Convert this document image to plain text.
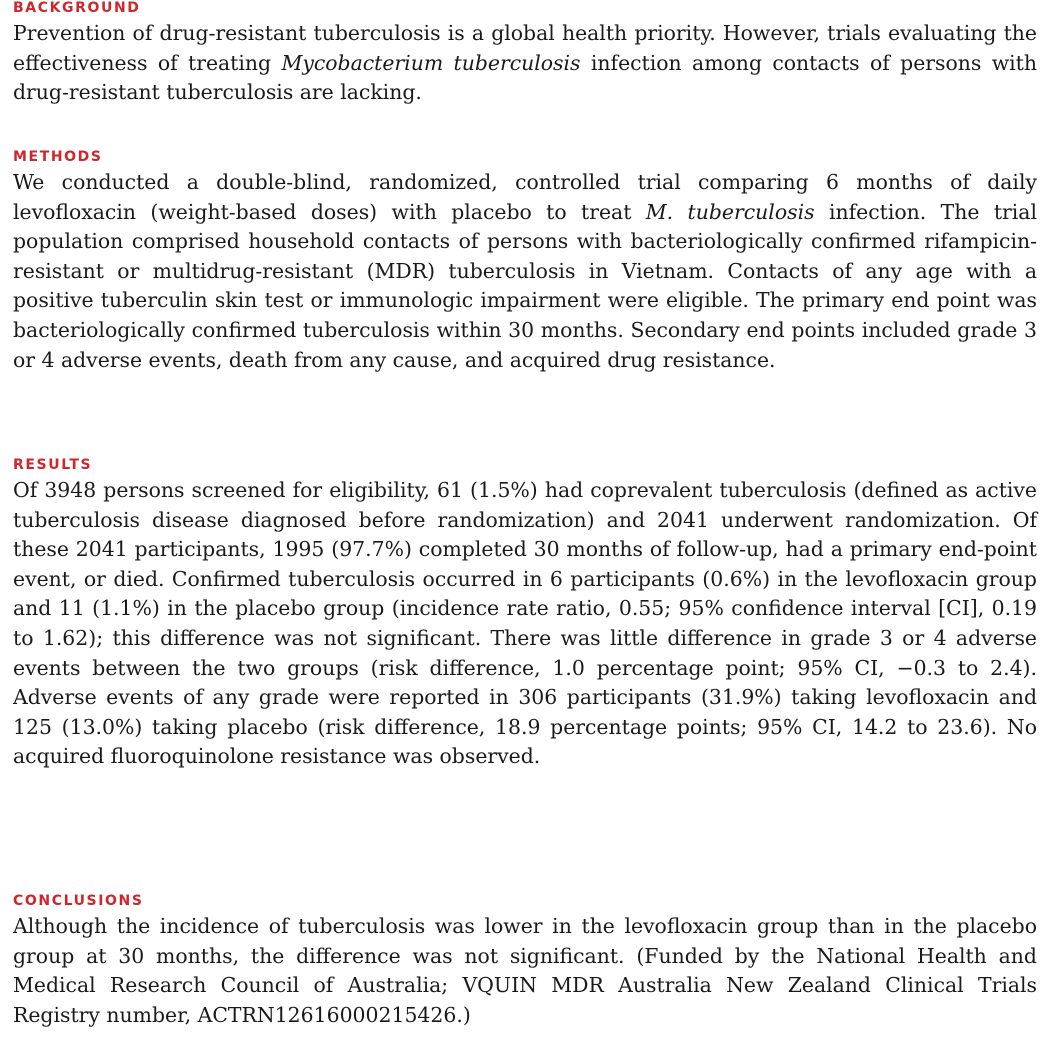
BACKGROUND

Prevention of drug-resistant tuberculosis is a global health priority. However, trials evaluating the effectiveness of treating Mycobacterium tuberculosis infection among contacts of persons with drug-resistant tuberculosis are lacking.

METHODS

We conducted a double-blind, randomized, controlled trial comparing 6 months of daily levofloxacin (weight-based doses) with placebo to treat M. tuberculosis infection. The trial population comprised household contacts of persons with bacteriologically confirmed rifampicin-resistant or multidrug-resistant (MDR) tuberculosis in Vietnam. Contacts of any age with a positive tuberculin skin test or immunologic impairment were eligible. The primary end point was bacteriologically confirmed tuberculosis within 30 months. Secondary end points included grade 3 or 4 adverse events, death from any cause, and acquired drug resistance.

RESULTS

Of 3948 persons screened for eligibility, 61 (1.5%) had coprevalent tuberculosis (defined as active tuberculosis disease diagnosed before randomization) and 2041 underwent randomization. Of these 2041 participants, 1995 (97.7%) completed 30 months of follow-up, had a primary end-point event, or died. Confirmed tuberculosis occurred in 6 participants (0.6%) in the levofloxacin group and 11 (1.1%) in the placebo group (incidence rate ratio, 0.55; 95% confidence interval [CI], 0.19 to 1.62); this difference was not significant. There was little difference in grade 3 or 4 adverse events between the two groups (risk difference, 1.0 percentage point; 95% CI, −0.3 to 2.4). Adverse events of any grade were reported in 306 participants (31.9%) taking levofloxacin and 125 (13.0%) taking placebo (risk difference, 18.9 percentage points; 95% CI, 14.2 to 23.6). No acquired fluoroquinolone resistance was observed.

CONCLUSIONS

Although the incidence of tuberculosis was lower in the levofloxacin group than in the placebo group at 30 months, the difference was not significant. (Funded by the National Health and Medical Research Council of Australia; VQUIN MDR Australia New Zealand Clinical Trials Registry number, ACTRN12616000215426.)
